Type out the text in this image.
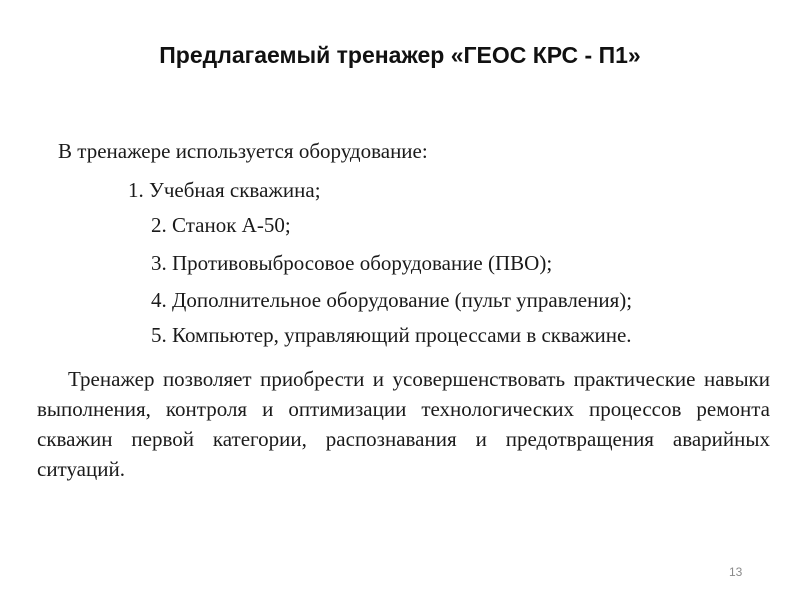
Предлагаемый тренажер «ГЕОС КРС - П1»
В тренажере используется оборудование:
1. Учебная скважина;
2. Станок А-50;
3. Противовыбросовое оборудование (ПВО);
4. Дополнительное оборудование (пульт управления);
5. Компьютер, управляющий процессами в скважине.
Тренажер позволяет приобрести и усовершенствовать практические навыки выполнения, контроля и оптимизации технологических процессов ремонта скважин первой категории, распознавания и предотвращения аварийных ситуаций.
13
